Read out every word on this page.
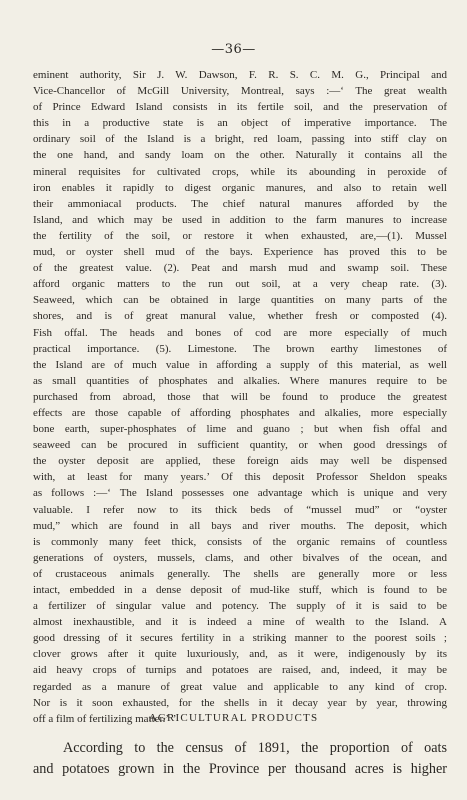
—36—
eminent authority, Sir J. W. Dawson, F. R. S. C. M. G., Principal and
Vice-Chancellor of McGill University, Montreal, says :—‘ The great wealth
of Prince Edward Island consists in its fertile soil, and the preservation of
this in a productive state is an object of imperative importance. The
ordinary soil of the Island is a bright, red loam, passing into stiff clay on
the one hand, and sandy loam on the other. Naturally it contains all the
mineral requisites for cultivated crops, while its abounding in peroxide of
iron enables it rapidly to digest organic manures, and also to retain well
their ammoniacal products. The chief natural manures afforded by the
Island, and which may be used in addition to the farm manures to increase
the fertility of the soil, or restore it when exhausted, are,—(1). Mussel
mud, or oyster shell mud of the bays. Experience has proved this to be
of the greatest value. (2). Peat and marsh mud and swamp soil. These
afford organic matters to the run out soil, at a very cheap rate. (3).
Seaweed, which can be obtained in large quantities on many parts of the
shores, and is of great manural value, whether fresh or composted (4).
Fish offal. The heads and bones of cod are more especially of much
practical importance. (5). Limestone. The brown earthy limestones of
the Island are of much value in affording a supply of this material, as well
as small quantities of phosphates and alkalies. Where manures require to be
purchased from abroad, those that will be found to produce the greatest
effects are those capable of affording phosphates and alkalies, more especially
bone earth, super-phosphates of lime and guano ; but when fish offal and
seaweed can be procured in sufficient quantity, or when good dressings of
the oyster deposit are applied, these foreign aids may well be dispensed
with, at least for many years.’ Of this deposit Professor Sheldon speaks
as follows :—‘ The Island possesses one advantage which is unique and very
valuable. I refer now to its thick beds of “mussel mud” or “oyster
mud,” which are found in all bays and river mouths. The deposit, which
is commonly many feet thick, consists of the organic remains of countless
generations of oysters, mussels, clams, and other bivalves of the ocean, and
of crustaceous animals generally. The shells are generally more or less
intact, embedded in a dense deposit of mud-like stuff, which is found to be
a fertilizer of singular value and potency. The supply of it is said to be
almost inexhaustible, and it is indeed a mine of wealth to the Island. A
good dressing of it secures fertility in a striking manner to the poorest soils ;
clover grows after it quite luxuriously, and, as it were, indigenously by its
aid heavy crops of turnips and potatoes are raised, and, indeed, it may be
regarded as a manure of great value and applicable to any kind of crop.
Nor is it soon exhausted, for the shells in it decay year by year, throwing
off a film of fertilizing matter.’ ”
AGRICULTURAL PRODUCTS
According to the census of 1891, the proportion of oats
and potatoes grown in the Province per thousand acres is higher
